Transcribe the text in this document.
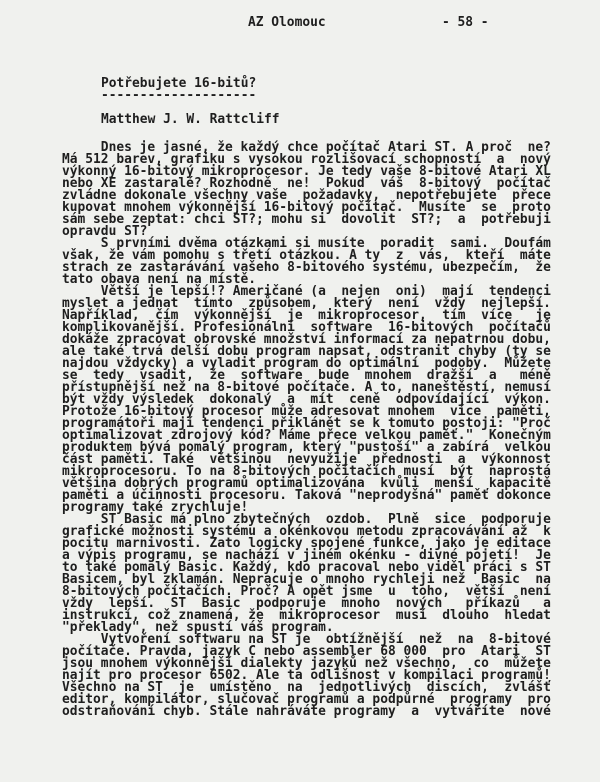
AZ Olomouc	- 58 -
Potřebujete 16-bitů?
--------------------
Matthew J. W. Rattcliff
Dnes je jasné, že každý chce počítač Atari ST. A proč  ne?
Má 512 barev, grafiku s vysokou rozlišovací schopností  a  nový
výkonný 16-bitový mikroprocesor. Je tedy vaše 8-bitové Atari XL
nebo XE zastaralé? Rozhodně  ne!  Pokud  váš  8-bitový  počítač
zvládne dokonale všechny vaše  požadavky,  nepotřebujete  přece
kupovat mnohem výkonnější 16-bitový počítač.  Musíte  se  proto
sám sebe zeptat: chci ST?; mohu si  dovolit  ST?;  a  potřebuji
opravdu ST?
S prvními dvěma otázkami si musíte  poradit  sami.  Doufám
však, že vám pomohu s třetí otázkou. A ty  z  vás,  kteří  máte
strach ze zastarávání vašeho 8-bitového systému, ubezpečím,  že
tato obava není na místě.
Větší je lepší!? Američané (a  nejen  oni)  mají  tendenci
myslet a jednat  tímto  způsobem,  který  není  vždy  nejlepší.
Například,  čím  výkonnější  je  mikroprocesor,  tím  více   je
komplikovanější. Profesionální  software  16-bitových  počítačů
dokáže zpracovat obrovské množství informací za nepatrnou dobu,
ale také trvá delší dobu program napsat, odstranit chyby (ty se
najdou vždycky) a vyladit program do optimální  podoby.  Můžete
se  tedy  vsadit,  že  software  bude  mnohem  dražší  a   méně
přístupnější než na 8-bitové počítače. A to, naneštěstí, nemusí
být vždy výsledek  dokonalý  a  mít  ceně  odpovídající  výkon.
Protože 16-bitový procesor může adresovat mnohem  více  paměti,
programátoři mají tendenci přiklánět se k tomuto postoji: "Proč
optimalizovat zdrojový kód? Máme přece velkou paměť."  Konečným
produktem bývá pomalý program, který "pustoší" a zabírá  velkou
část paměti. Také  většinou  nevyužije  přednosti  a  výkonnost
mikroprocesoru. To na 8-bitových počítačích musí  být  naprostá
většina dobrých programů optimalizována  kvůli  menší  kapacitě
paměti a účinnosti procesoru. Taková "neprodyšná" paměť dokonce
programy také zrychluje!
ST Basic má plno zbytečných  ozdob.  Plně  sice  podporuje
grafické možnosti systému a okénkovou metodu zpracovávání až  k
pocitu marnivosti. Zato logicky spojené funkce, jako je editace
a výpis programu, se nachází v jiném okénku - divné pojetí!  Je
to také pomalý Basic. Každý, kdo pracoval nebo viděl práci s ST
Basicem, byl zklamán. Nepracuje o mnoho rychleji než  Basic  na
8-bitových počítačích. Proč? A opět jsme  u  toho,  větší  není
vždy  lepší.  ST  Basic  podporuje  mnoho  nových   příkazů   a
instrukcí, což znamená, že  mikroprocesor  musí  dlouho  hledat
"překlady", než spustí váš program.
Vytvoření softwaru na ST je  obtížnější  než  na  8-bitové
počítače. Pravda, jazyk C nebo assembler 68 000  pro  Atari  ST
jsou mnohem výkonnější dialekty jazyků než všechno,  co  můžete
najít pro procesor 6502. Ale ta odlišnost v kompilaci programů!
Všechno na ST  je  umístěno  na  jednotlivých  discích,  zvlášť
editor, kompilátor, slučovač programů a podpůrné  programy  pro
odstraňování chyb. Stále nahráváte programy  a  vytváříte  nové
